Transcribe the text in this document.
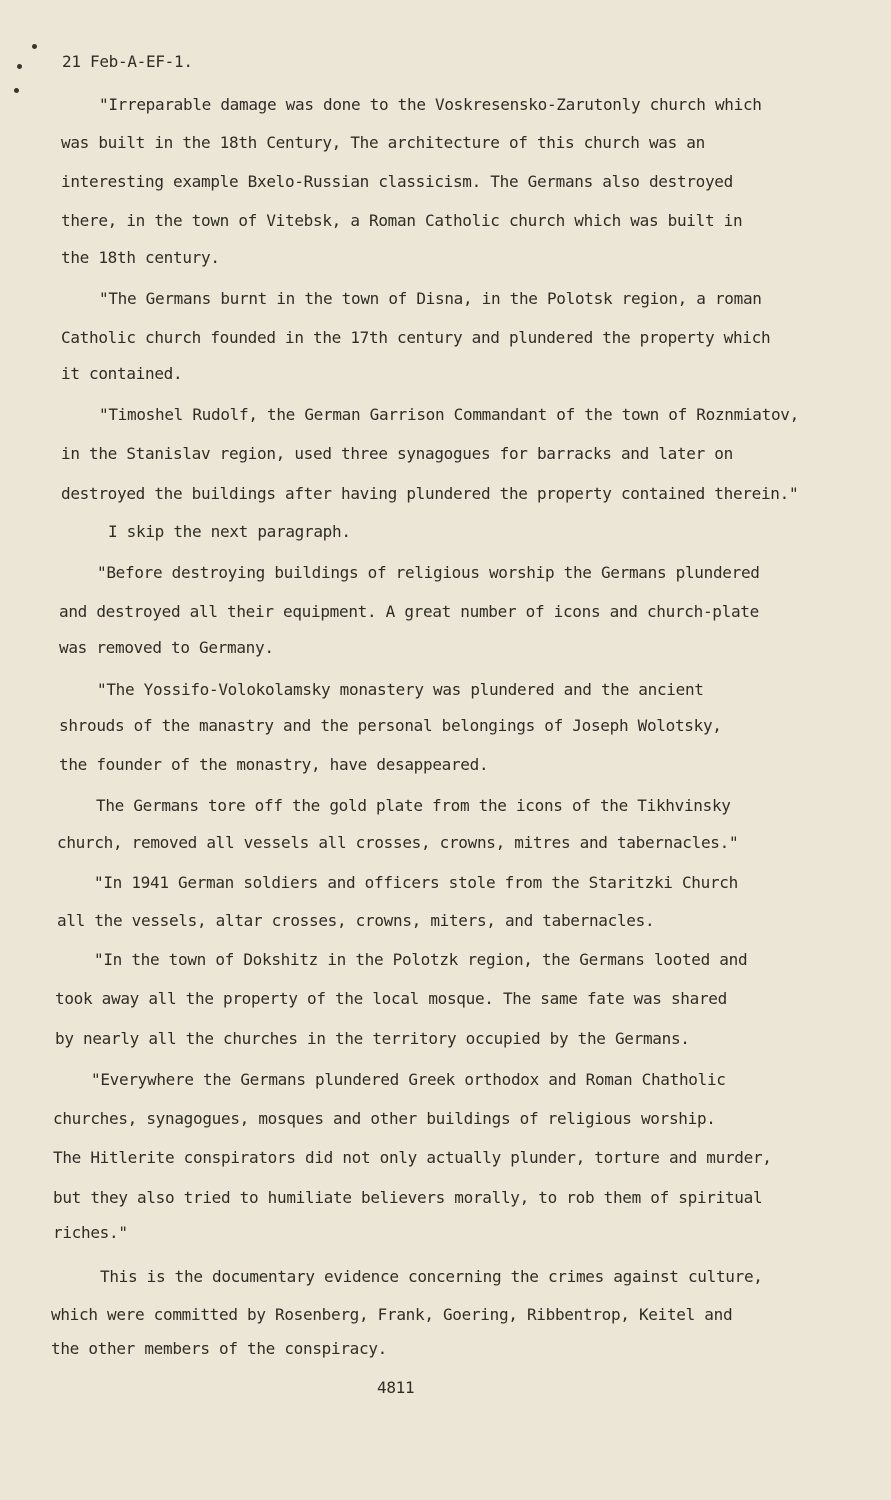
21 Feb-A-EF-1.
"Irreparable damage was done to the Voskresensko-Zarutonly church which
was built in the 18th Century, The architecture of this church was an
interesting example Bxelo-Russian classicism. The Germans also destroyed
there, in the town of Vitebsk, a Roman Catholic church which was built in
the 18th century.
"The Germans burnt in the town of Disna, in the Polotsk region, a roman
Catholic church founded in the 17th century and plundered the property which
it contained.
"Timoshel Rudolf, the German Garrison Commandant of the town of Roznmiatov,
in the Stanislav region, used three synagogues for barracks and later on
destroyed the buildings after having plundered the property contained therein."
I skip the next paragraph.
"Before destroying buildings of religious worship the Germans plundered
and destroyed all their equipment. A great number of icons and church-plate
was removed to Germany.
"The Yossifo-Volokolamsky monastery was plundered and the ancient
shrouds of the manastry and the personal belongings of Joseph Wolotsky,
the founder of the monastry, have desappeared.
The Germans tore off the gold plate from the icons of the Tikhvinsky
church, removed all vessels all crosses, crowns, mitres and tabernacles."
"In 1941 German soldiers and officers stole from the Staritzki Church
all the vessels, altar crosses, crowns, miters, and tabernacles.
"In the town of Dokshitz in the Polotzk region, the Germans looted and
took away all the property of the local mosque. The same fate was shared
by nearly all the churches in the territory occupied by the Germans.
"Everywhere the Germans plundered Greek orthodox and Roman Chatholic
churches, synagogues, mosques and other buildings of religious worship.
The Hitlerite conspirators did not only actually plunder, torture and murder,
but they also tried to humiliate believers morally, to rob them of spiritual
riches."
This is the documentary evidence concerning the crimes against culture,
which were committed by Rosenberg, Frank, Goering, Ribbentrop, Keitel and
the other members of the conspiracy.
4811
